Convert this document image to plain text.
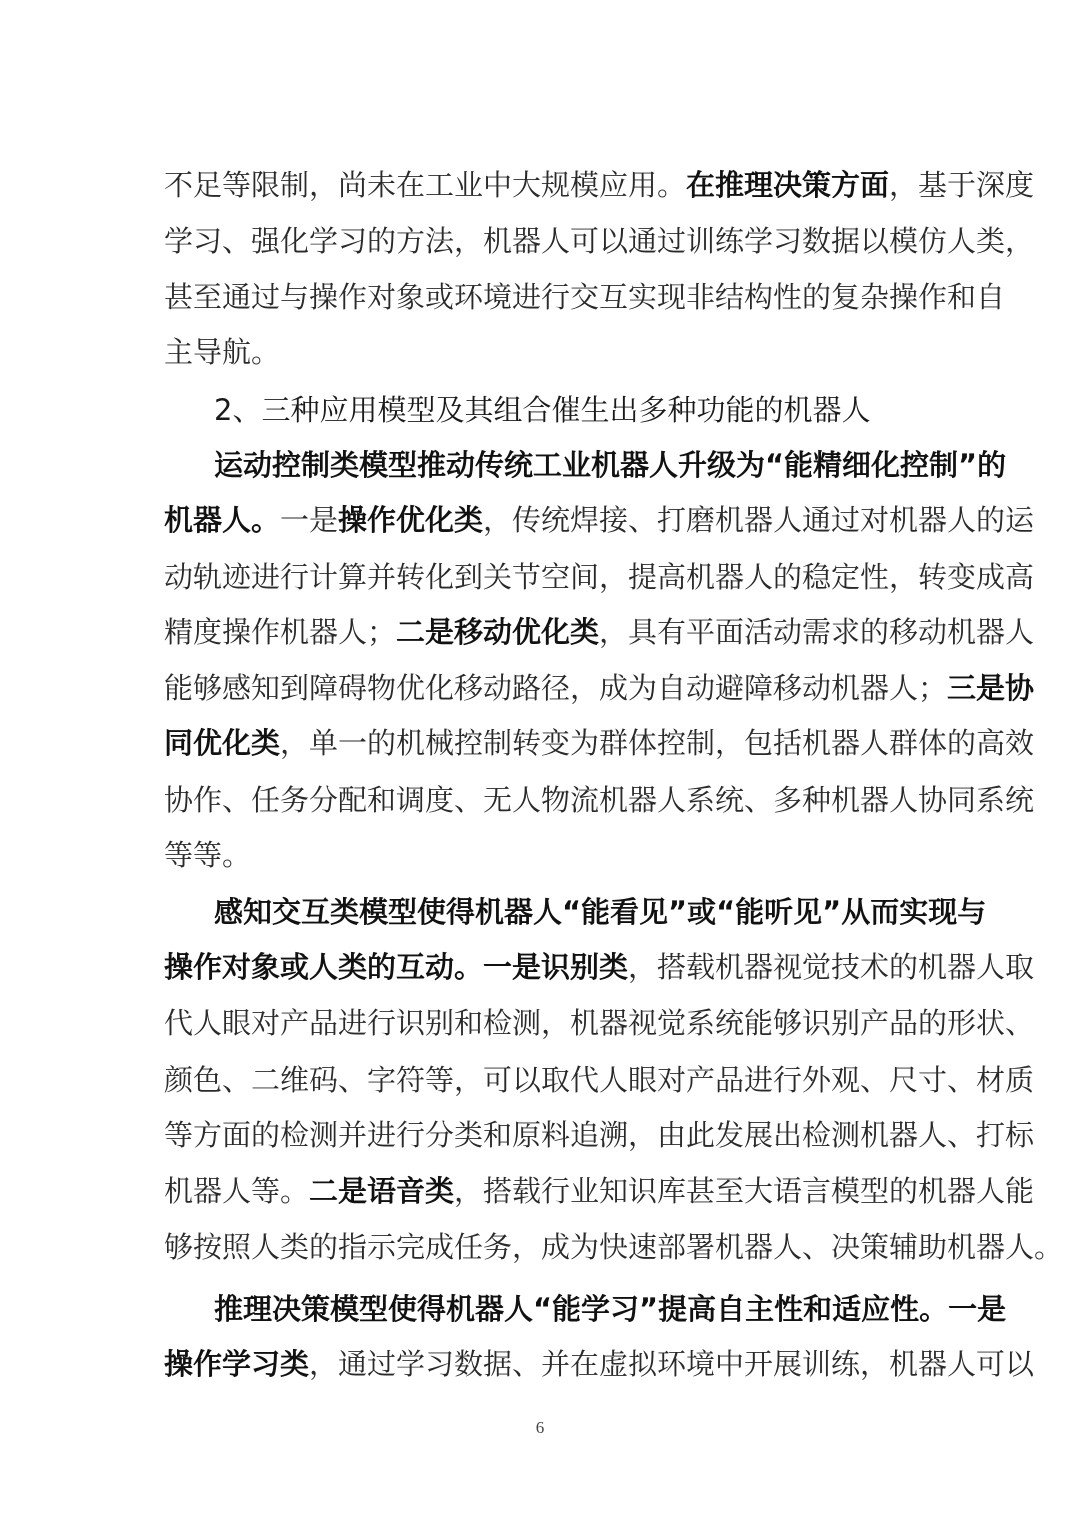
不足等限制，尚未在工业中大规模应用。在推理决策方面，基于深度
学习、强化学习的方法，机器人可以通过训练学习数据以模仿人类，
甚至通过与操作对象或环境进行交互实现非结构性的复杂操作和自
主导航。
2、三种应用模型及其组合催生出多种功能的机器人
运动控制类模型推动传统工业机器人升级为“能精细化控制”的
机器人。一是操作优化类，传统焊接、打磨机器人通过对机器人的运
动轨迹进行计算并转化到关节空间，提高机器人的稳定性，转变成高
精度操作机器人；二是移动优化类，具有平面活动需求的移动机器人
能够感知到障碍物优化移动路径，成为自动避障移动机器人；三是协
同优化类，单一的机械控制转变为群体控制，包括机器人群体的高效
协作、任务分配和调度、无人物流机器人系统、多种机器人协同系统
等等。
感知交互类模型使得机器人“能看见”或“能听见”从而实现与
操作对象或人类的互动。一是识别类，搭载机器视觉技术的机器人取
代人眼对产品进行识别和检测，机器视觉系统能够识别产品的形状、
颜色、二维码、字符等，可以取代人眼对产品进行外观、尺寸、材质
等方面的检测并进行分类和原料追溯，由此发展出检测机器人、打标
机器人等。二是语音类，搭载行业知识库甚至大语言模型的机器人能
够按照人类的指示完成任务，成为快速部署机器人、决策辅助机器人。
推理决策模型使得机器人“能学习”提高自主性和适应性。一是
操作学习类，通过学习数据、并在虚拟环境中开展训练，机器人可以
6
